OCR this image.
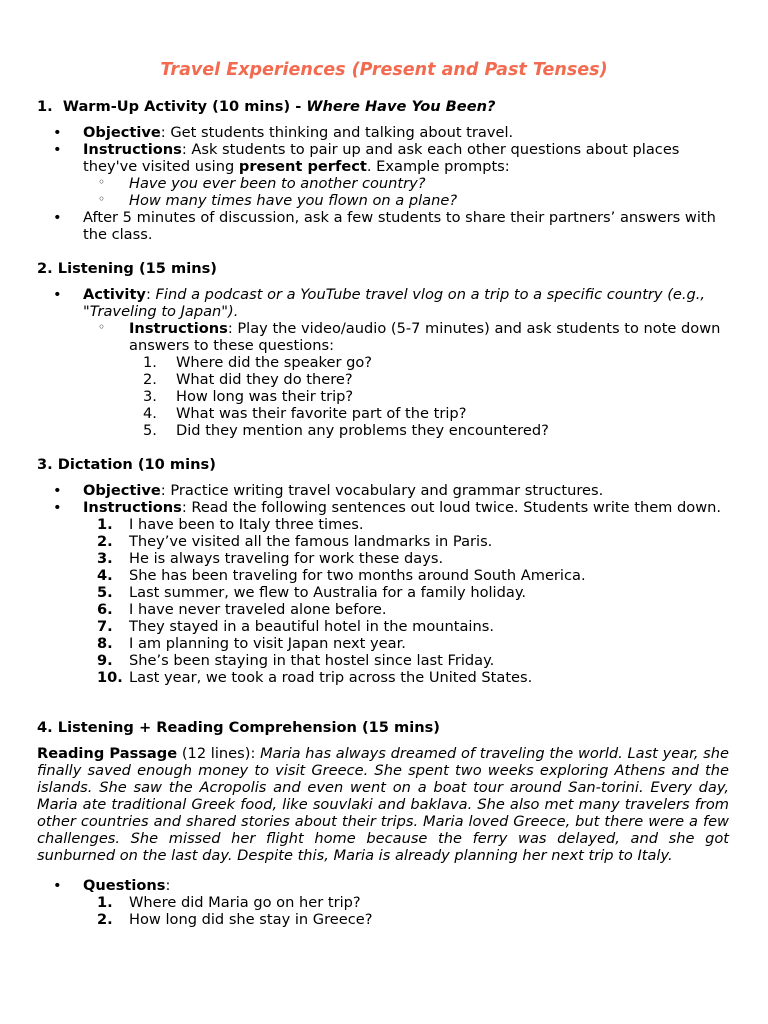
Travel Experiences (Present and Past Tenses)
1. Warm-Up Activity (10 mins) - Where Have You Been?
• Objective: Get students thinking and talking about travel.
• Instructions: Ask students to pair up and ask each other questions about places they've visited using present perfect. Example prompts:
◦ Have you ever been to another country?
◦ How many times have you flown on a plane?
• After 5 minutes of discussion, ask a few students to share their partners’ answers with the class.
2. Listening (15 mins)
• Activity: Find a podcast or a YouTube travel vlog on a trip to a specific country (e.g., "Traveling to Japan").
◦ Instructions: Play the video/audio (5-7 minutes) and ask students to note down answers to these questions:
1.	Where did the speaker go?
2.	What did they do there?
3.	How long was their trip?
4.	What was their favorite part of the trip?
5.	Did they mention any problems they encountered?
3. Dictation (10 mins)
• Objective: Practice writing travel vocabulary and grammar structures.
• Instructions: Read the following sentences out loud twice. Students write them down.
1. I have been to Italy three times.
2. They’ve visited all the famous landmarks in Paris.
3. He is always traveling for work these days.
4. She has been traveling for two months around South America.
5. Last summer, we flew to Australia for a family holiday.
6. I have never traveled alone before.
7. They stayed in a beautiful hotel in the mountains.
8. I am planning to visit Japan next year.
9. She’s been staying in that hostel since last Friday.
10. Last year, we took a road trip across the United States.
4. Listening + Reading Comprehension (15 mins)
Reading Passage (12 lines): Maria has always dreamed of traveling the world. Last year, she finally saved enough money to visit Greece. She spent two weeks exploring Athens and the islands. She saw the Acropolis and even went on a boat tour around San-torini. Every day, Maria ate traditional Greek food, like souvlaki and baklava. She also met many travelers from other countries and shared stories about their trips. Maria loved Greece, but there were a few challenges. She missed her flight home because the ferry was delayed, and she got sunburned on the last day. Despite this, Maria is already planning her next trip to Italy.
• Questions:
1. Where did Maria go on her trip?
2. How long did she stay in Greece?
